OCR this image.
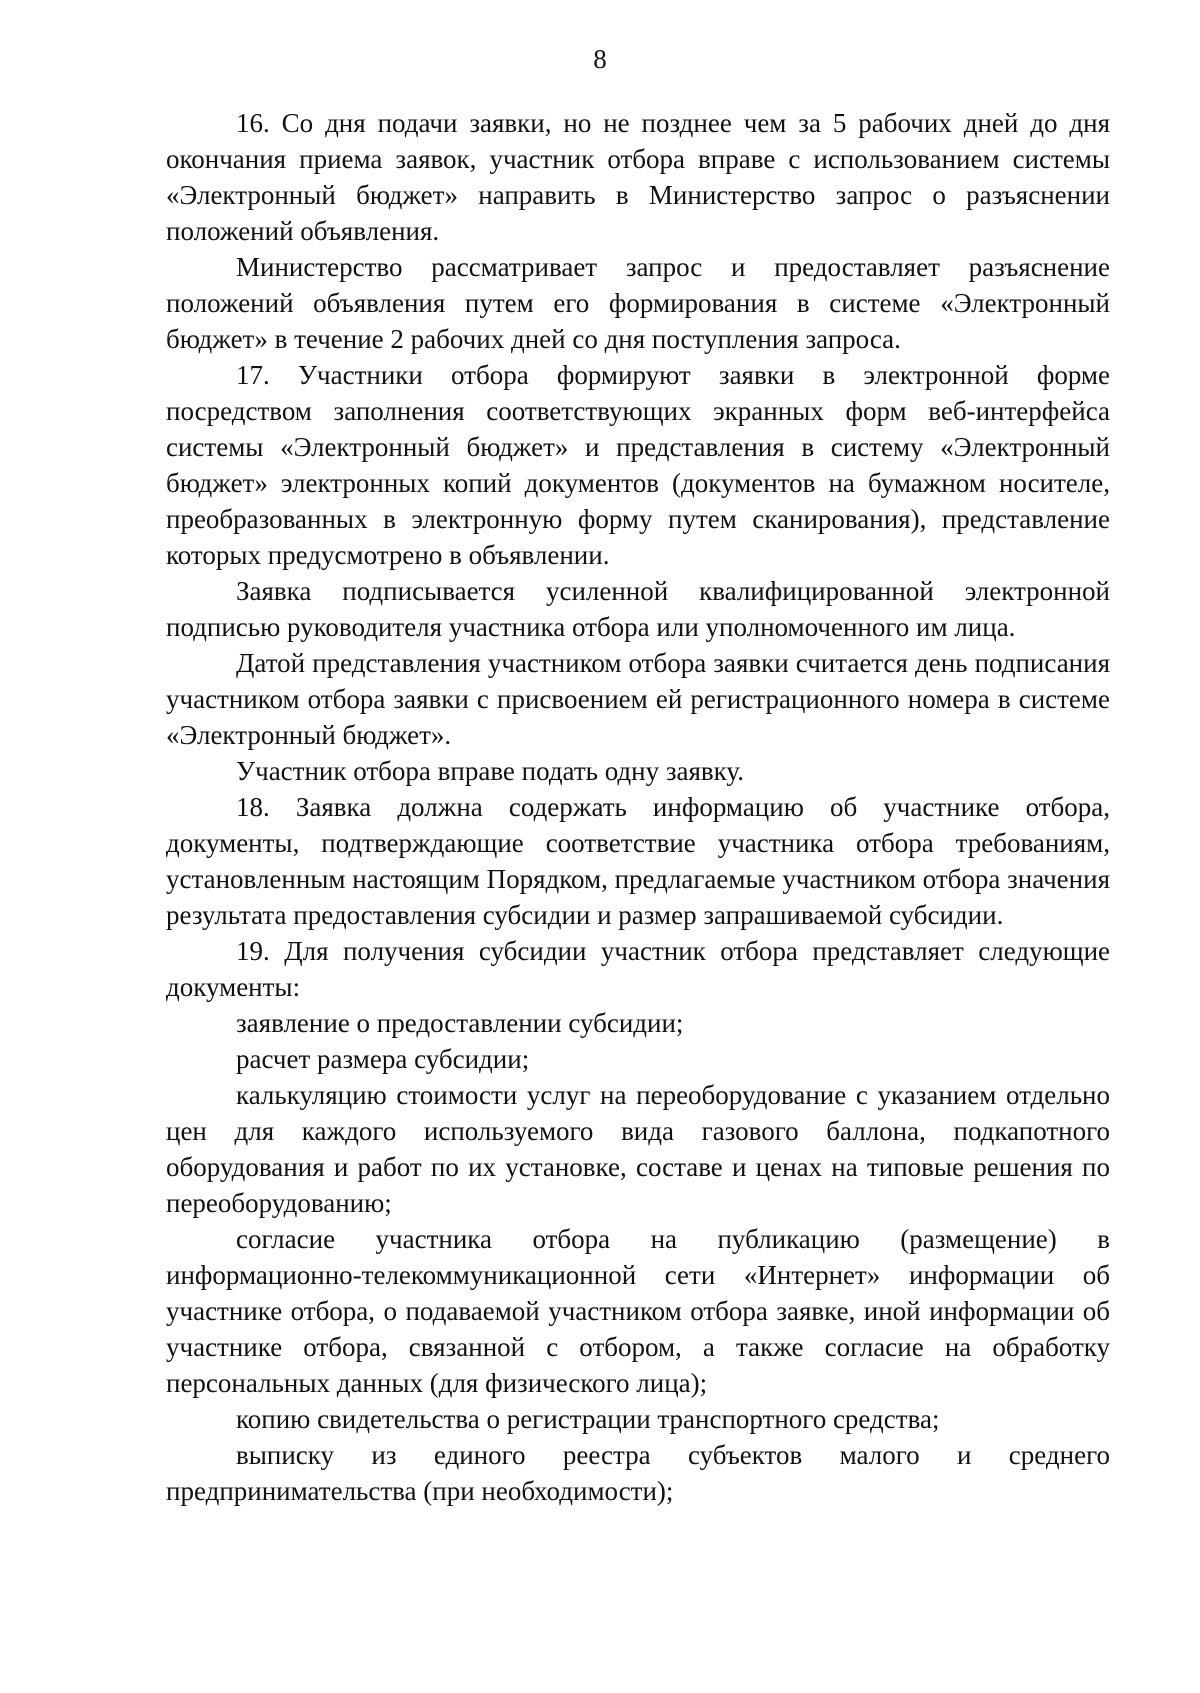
8

16. Со дня подачи заявки, но не позднее чем за 5 рабочих дней до дня окончания приема заявок, участник отбора вправе с использованием системы «Электронный бюджет» направить в Министерство запрос о разъяснении положений объявления.

Министерство рассматривает запрос и предоставляет разъяснение положений объявления путем его формирования в системе «Электронный бюджет» в течение 2 рабочих дней со дня поступления запроса.

17. Участники отбора формируют заявки в электронной форме посредством заполнения соответствующих экранных форм веб-интерфейса системы «Электронный бюджет» и представления в систему «Электронный бюджет» электронных копий документов (документов на бумажном носителе, преобразованных в электронную форму путем сканирования), представление которых предусмотрено в объявлении.

Заявка подписывается усиленной квалифицированной электронной подписью руководителя участника отбора или уполномоченного им лица.

Датой представления участником отбора заявки считается день подписания участником отбора заявки с присвоением ей регистрационного номера в системе «Электронный бюджет».

Участник отбора вправе подать одну заявку.

18. Заявка должна содержать информацию об участнике отбора, документы, подтверждающие соответствие участника отбора требованиям, установленным настоящим Порядком, предлагаемые участником отбора значения результата предоставления субсидии и размер запрашиваемой субсидии.

19. Для получения субсидии участник отбора представляет следующие документы:

заявление о предоставлении субсидии;

расчет размера субсидии;

калькуляцию стоимости услуг на переоборудование с указанием отдельно цен для каждого используемого вида газового баллона, подкапотного оборудования и работ по их установке, составе и ценах на типовые решения по переоборудованию;

согласие участника отбора на публикацию (размещение) в информационно-телекоммуникационной сети «Интернет» информации об участнике отбора, о подаваемой участником отбора заявке, иной информации об участнике отбора, связанной с отбором, а также согласие на обработку персональных данных (для физического лица);

копию свидетельства о регистрации транспортного средства;

выписку из единого реестра субъектов малого и среднего предпринимательства (при необходимости);
